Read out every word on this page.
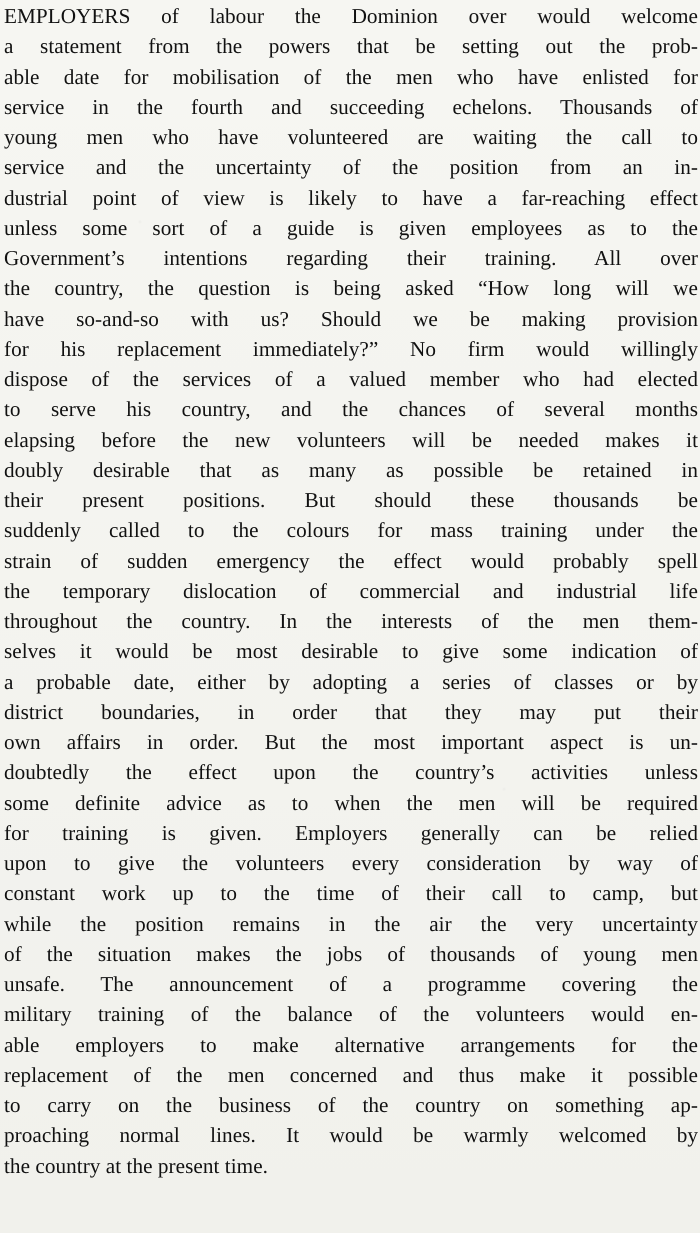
EMPLOYERS of labour the Dominion over would welcome
a statement from the powers that be setting out the prob-
able date for mobilisation of the men who have enlisted for
service in the fourth and succeeding echelons. Thousands of
young men who have volunteered are waiting the call to
service and the uncertainty of the position from an in-
dustrial point of view is likely to have a far-reaching effect
unless some sort of a guide is given employees as to the
Government’s intentions regarding their training. All over
the country, the question is being asked “How long will we
have so-and-so with us? Should we be making provision
for his replacement immediately?” No firm would willingly
dispose of the services of a valued member who had elected
to serve his country, and the chances of several months
elapsing before the new volunteers will be needed makes it
doubly desirable that as many as possible be retained in
their present positions. But should these thousands be
suddenly called to the colours for mass training under the
strain of sudden emergency the effect would probably spell
the temporary dislocation of commercial and industrial life
throughout the country. In the interests of the men them-
selves it would be most desirable to give some indication of
a probable date, either by adopting a series of classes or by
district boundaries, in order that they may put their
own affairs in order. But the most important aspect is un-
doubtedly the effect upon the country’s activities unless
some definite advice as to when the men will be required
for training is given. Employers generally can be relied
upon to give the volunteers every consideration by way of
constant work up to the time of their call to camp, but
while the position remains in the air the very uncertainty
of the situation makes the jobs of thousands of young men
unsafe. The announcement of a programme covering the
military training of the balance of the volunteers would en-
able employers to make alternative arrangements for the
replacement of the men concerned and thus make it possible
to carry on the business of the country on something ap-
proaching normal lines. It would be warmly welcomed by
the country at the present time.
